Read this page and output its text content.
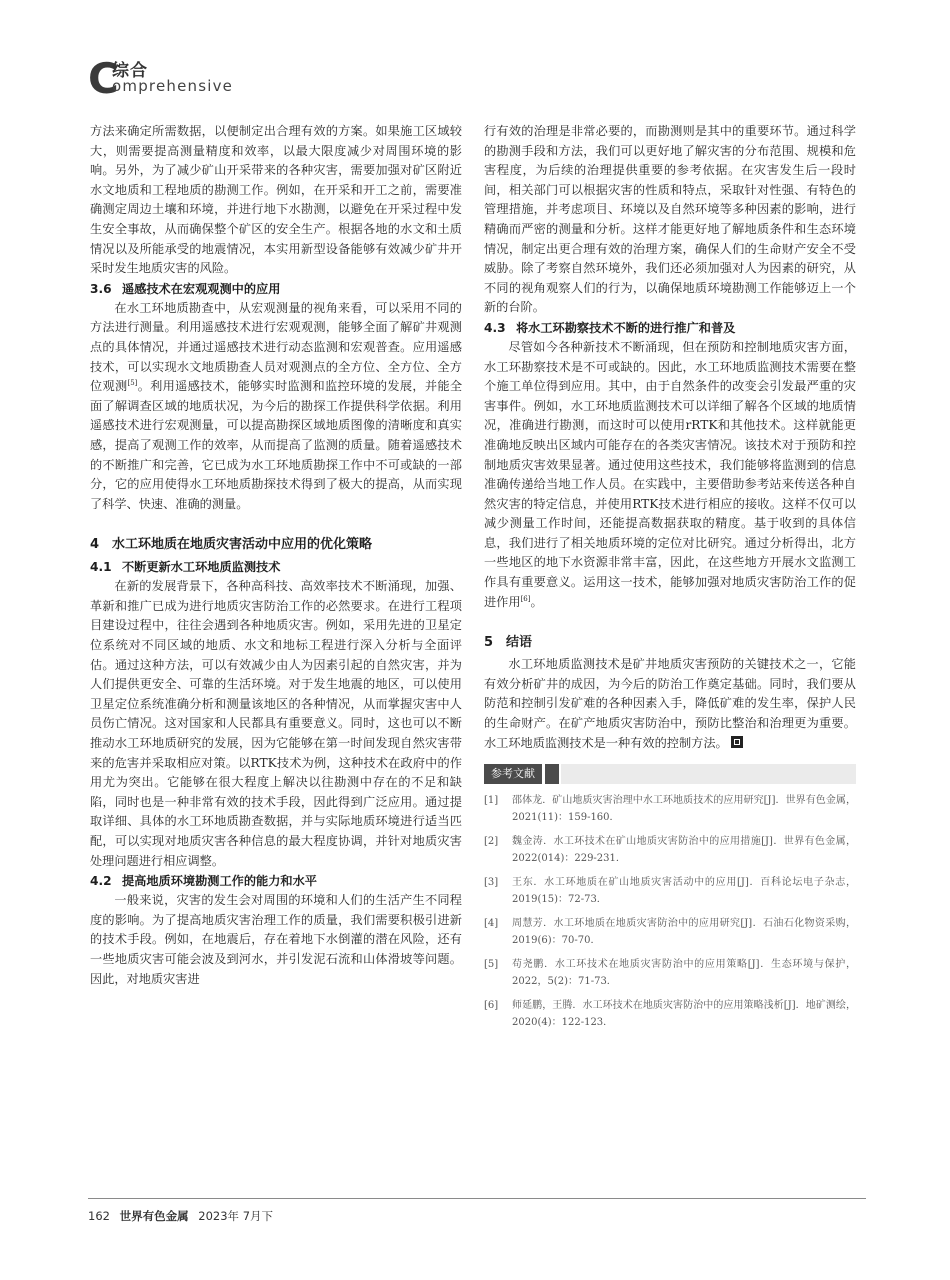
C
综合
omprehensive

方法来确定所需数据，以便制定出合理有效的方案。如果施工区域较大，则需要提高测量精度和效率，以最大限度减少对周围环境的影响。另外，为了减少矿山开采带来的各种灾害，需要加强对矿区附近水文地质和工程地质的勘测工作。例如，在开采和开工之前，需要准确测定周边土壤和环境，并进行地下水勘测，以避免在开采过程中发生安全事故，从而确保整个矿区的安全生产。根据各地的水文和土质情况以及所能承受的地震情况，本实用新型设备能够有效减少矿井开采时发生地质灾害的风险。

3.6 遥感技术在宏观观测中的应用

在水工环地质勘查中，从宏观测量的视角来看，可以采用不同的方法进行测量。利用遥感技术进行宏观观测，能够全面了解矿井观测点的具体情况，并通过遥感技术进行动态监测和宏观普查。应用遥感技术，可以实现水文地质勘查人员对观测点的全方位、全方位、全方位观测[5]。利用遥感技术，能够实时监测和监控环境的发展，并能全面了解调查区域的地质状况，为今后的勘探工作提供科学依据。利用遥感技术进行宏观测量，可以提高勘探区域地质图像的清晰度和真实感，提高了观测工作的效率，从而提高了监测的质量。随着遥感技术的不断推广和完善，它已成为水工环地质勘探工作中不可或缺的一部分，它的应用使得水工环地质勘探技术得到了极大的提高，从而实现了科学、快速、准确的测量。

4 水工环地质在地质灾害活动中应用的优化策略
4.1 不断更新水工环地质监测技术

在新的发展背景下，各种高科技、高效率技术不断涌现，加强、革新和推广已成为进行地质灾害防治工作的必然要求。在进行工程项目建设过程中，往往会遇到各种地质灾害。例如，采用先进的卫星定位系统对不同区域的地质、水文和地标工程进行深入分析与全面评估。通过这种方法，可以有效减少由人为因素引起的自然灾害，并为人们提供更安全、可靠的生活环境。对于发生地震的地区，可以使用卫星定位系统准确分析和测量该地区的各种情况，从而掌握灾害中人员伤亡情况。这对国家和人民都具有重要意义。同时，这也可以不断推动水工环地质研究的发展，因为它能够在第一时间发现自然灾害带来的危害并采取相应对策。以RTK技术为例，这种技术在政府中的作用尤为突出。它能够在很大程度上解决以往勘测中存在的不足和缺陷，同时也是一种非常有效的技术手段，因此得到广泛应用。通过提取详细、具体的水工环地质勘查数据，并与实际地质环境进行适当匹配，可以实现对地质灾害各种信息的最大程度协调，并针对地质灾害处理问题进行相应调整。

4.2 提高地质环境勘测工作的能力和水平

一般来说，灾害的发生会对周围的环境和人们的生活产生不同程度的影响。为了提高地质灾害治理工作的质量，我们需要积极引进新的技术手段。例如，在地震后，存在着地下水倒灌的潜在风险，还有一些地质灾害可能会波及到河水，并引发泥石流和山体滑坡等问题。因此，对地质灾害进

行有效的治理是非常必要的，而勘测则是其中的重要环节。通过科学的勘测手段和方法，我们可以更好地了解灾害的分布范围、规模和危害程度，为后续的治理提供重要的参考依据。在灾害发生后一段时间，相关部门可以根据灾害的性质和特点，采取针对性强、有特色的管理措施，并考虑项目、环境以及自然环境等多种因素的影响，进行精确而严密的测量和分析。这样才能更好地了解地质条件和生态环境情况，制定出更合理有效的治理方案，确保人们的生命财产安全不受威胁。除了考察自然环境外，我们还必须加强对人为因素的研究，从不同的视角观察人们的行为，以确保地质环境勘测工作能够迈上一个新的台阶。

4.3 将水工环勘察技术不断的进行推广和普及

尽管如今各种新技术不断涌现，但在预防和控制地质灾害方面，水工环勘察技术是不可或缺的。因此，水工环地质监测技术需要在整个施工单位得到应用。其中，由于自然条件的改变会引发最严重的灾害事件。例如，水工环地质监测技术可以详细了解各个区域的地质情况，准确进行勘测，而这时可以使用rRTK和其他技术。这样就能更准确地反映出区域内可能存在的各类灾害情况。该技术对于预防和控制地质灾害效果显著。通过使用这些技术，我们能够将监测到的信息准确传递给当地工作人员。在实践中，主要借助参考站来传送各种自然灾害的特定信息，并使用RTK技术进行相应的接收。这样不仅可以减少测量工作时间，还能提高数据获取的精度。基于收到的具体信息，我们进行了相关地质环境的定位对比研究。通过分析得出，北方一些地区的地下水资源非常丰富，因此，在这些地方开展水文监测工作具有重要意义。运用这一技术，能够加强对地质灾害防治工作的促进作用[6]。

5 结语

水工环地质监测技术是矿井地质灾害预防的关键技术之一，它能有效分析矿井的成因，为今后的防治工作奠定基础。同时，我们要从防范和控制引发矿难的各种因素入手，降低矿难的发生率，保护人民的生命财产。在矿产地质灾害防治中，预防比整治和治理更为重要。水工环地质监测技术是一种有效的控制方法。

参考文献
[1]	邵体龙．矿山地质灾害治理中水工环地质技术的应用研究[J]．世界有色金属，2021(11)：159-160．
[2]	魏金涛．水工环技术在矿山地质灾害防治中的应用措施[J]．世界有色金属，2022(014)：229-231．
[3]	王东．水工环地质在矿山地质灾害活动中的应用[J]．百科论坛电子杂志，2019(15)：72-73．
[4]	周慧芳．水工环地质在地质灾害防治中的应用研究[J]．石油石化物资采购，2019(6)：70-70．
[5]	苟尧鹏．水工环技术在地质灾害防治中的应用策略[J]．生态环境与保护，2022，5(2)：71-73．
[6]	师延鹏，王腾．水工环技术在地质灾害防治中的应用策略浅析[J]．地矿测绘，2020(4)：122-123．
162 世界有色金属 2023年 7月下
